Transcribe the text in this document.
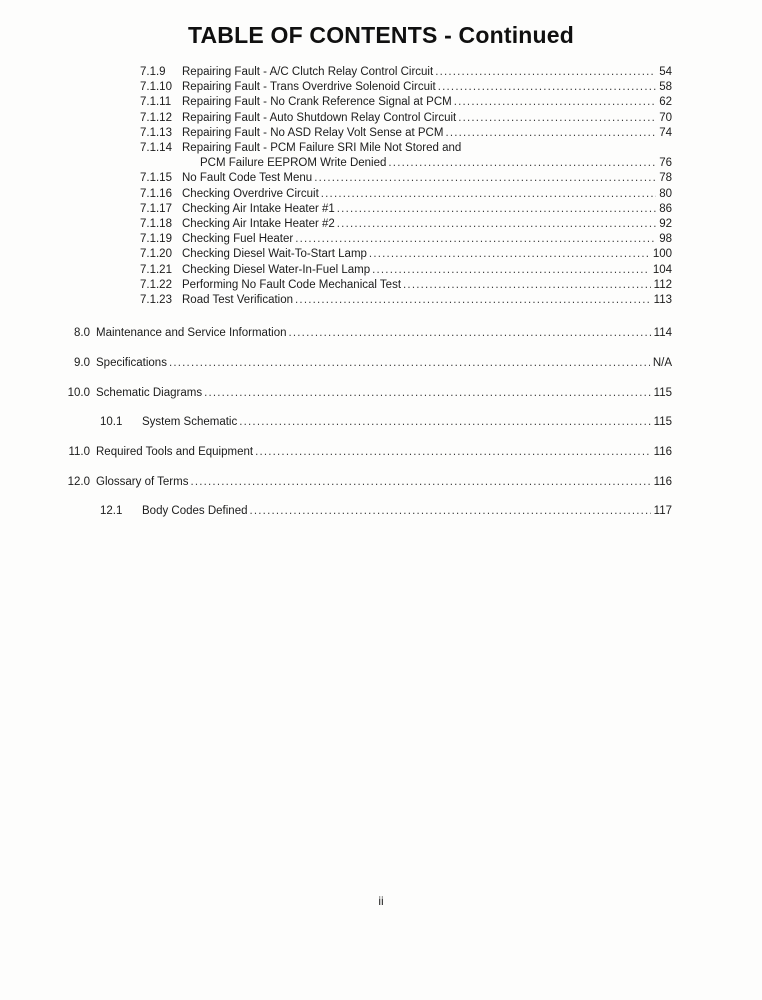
TABLE OF CONTENTS - Continued
7.1.9	Repairing Fault - A/C Clutch Relay Control Circuit .....	54
7.1.10 Repairing Fault - Trans Overdrive Solenoid Circuit .....	58
7.1.11 Repairing Fault - No Crank Reference Signal at PCM .....	62
7.1.12 Repairing Fault - Auto Shutdown Relay Control Circuit .....	70
7.1.13 Repairing Fault - No ASD Relay Volt Sense at PCM .....	74
7.1.14 Repairing Fault - PCM Failure SRI Mile Not Stored and
PCM Failure EEPROM Write Denied .....	76
7.1.15 No Fault Code Test Menu .....	78
7.1.16 Checking Overdrive Circuit .....	80
7.1.17 Checking Air Intake Heater #1 .....	86
7.1.18 Checking Air Intake Heater #2 .....	92
7.1.19 Checking Fuel Heater .....	98
7.1.20 Checking Diesel Wait-To-Start Lamp .....	100
7.1.21 Checking Diesel Water-In-Fuel Lamp .....	104
7.1.22 Performing No Fault Code Mechanical Test .....	112
7.1.23 Road Test Verification .....	113
8.0 Maintenance and Service Information .....	114
9.0 Specifications .....	N/A
10.0 Schematic Diagrams .....	115
10.1	System Schematic .....	115
11.0 Required Tools and Equipment .....	116
12.0 Glossary of Terms .....	116
12.1	Body Codes Defined .....	117
ii
